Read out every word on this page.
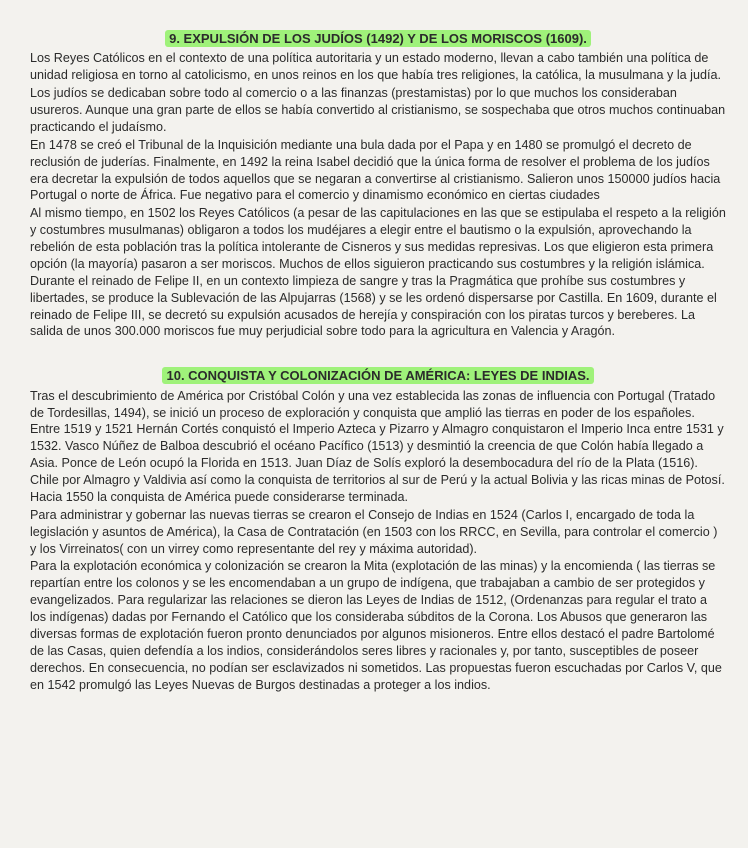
9. EXPULSIÓN DE LOS JUDÍOS (1492) Y DE LOS MORISCOS (1609).

Los Reyes Católicos en el contexto de una política autoritaria y un estado moderno, llevan a cabo también una política de unidad religiosa en torno al catolicismo, en unos reinos en los que había tres religiones, la católica, la musulmana y la judía.

Los judíos se dedicaban sobre todo al comercio o a las finanzas (prestamistas) por lo que muchos los consideraban usureros. Aunque una gran parte de ellos se había convertido al cristianismo, se sospechaba que otros muchos continuaban practicando el judaísmo.

En 1478 se creó el Tribunal de la Inquisición mediante una bula dada por el Papa y en 1480 se promulgó el decreto de reclusión de juderías. Finalmente, en 1492 la reina Isabel decidió que la única forma de resolver el problema de los judíos era decretar la expulsión de todos aquellos que se negaran a convertirse al cristianismo. Salieron unos 150000 judíos hacia Portugal o norte de África. Fue negativo para el comercio y dinamismo económico en ciertas ciudades

Al mismo tiempo, en 1502 los Reyes Católicos (a pesar de las capitulaciones en las que se estipulaba el respeto a la religión y costumbres musulmanas) obligaron a todos los mudéjares a elegir entre el bautismo o la expulsión, aprovechando la rebelión de esta población tras la política intolerante de Cisneros y sus medidas represivas. Los que eligieron esta primera opción (la mayoría) pasaron a ser moriscos. Muchos de ellos siguieron practicando sus costumbres y la religión islámica. Durante el reinado de Felipe II, en un contexto limpieza de sangre y tras la Pragmática que prohíbe sus costumbres y libertades, se produce la Sublevación de las Alpujarras (1568) y se les ordenó dispersarse por Castilla. En 1609, durante el reinado de Felipe III, se decretó su expulsión acusados de herejía y conspiración con los piratas turcos y bereberes. La salida de unos 300.000 moriscos fue muy perjudicial sobre todo para la agricultura en Valencia y Aragón.

10. CONQUISTA Y COLONIZACIÓN DE AMÉRICA: LEYES DE INDIAS.

Tras el descubrimiento de América por Cristóbal Colón y una vez establecida las zonas de influencia con Portugal (Tratado de Tordesillas, 1494), se inició un proceso de exploración y conquista que amplió las tierras en poder de los españoles. Entre 1519 y 1521 Hernán Cortés conquistó el Imperio Azteca y Pizarro y Almagro conquistaron el Imperio Inca entre 1531 y 1532. Vasco Núñez de Balboa descubrió el océano Pacífico (1513) y desmintió la creencia de que Colón había llegado a Asia. Ponce de León ocupó la Florida en 1513. Juan Díaz de Solís exploró la desembocadura del río de la Plata (1516). Chile por Almagro y Valdivia así como la conquista de territorios al sur de Perú y la actual Bolivia y las ricas minas de Potosí. Hacia 1550 la conquista de América puede considerarse terminada.

Para administrar y gobernar las nuevas tierras se crearon el Consejo de Indias en 1524 (Carlos I, encargado de toda la legislación y asuntos de América), la Casa de Contratación (en 1503 con los RRCC, en Sevilla, para controlar el comercio ) y los Virreinatos( con un virrey como representante del rey y máxima autoridad).

Para la explotación económica y colonización se crearon la Mita (explotación de las minas) y la encomienda ( las tierras se repartían entre los colonos y se les encomendaban a un grupo de indígena, que trabajaban a cambio de ser protegidos y evangelizados. Para regularizar las relaciones se dieron las Leyes de Indias de 1512, (Ordenanzas para regular el trato a los indígenas) dadas por Fernando el Católico que los consideraba súbditos de la Corona. Los Abusos que generaron las diversas formas de explotación fueron pronto denunciados por algunos misioneros. Entre ellos destacó el padre Bartolomé de las Casas, quien defendía a los indios, considerándolos seres libres y racionales y, por tanto, susceptibles de poseer derechos. En consecuencia, no podían ser esclavizados ni sometidos. Las propuestas fueron escuchadas por Carlos V, que en 1542 promulgó las Leyes Nuevas de Burgos destinadas a proteger a los indios.
